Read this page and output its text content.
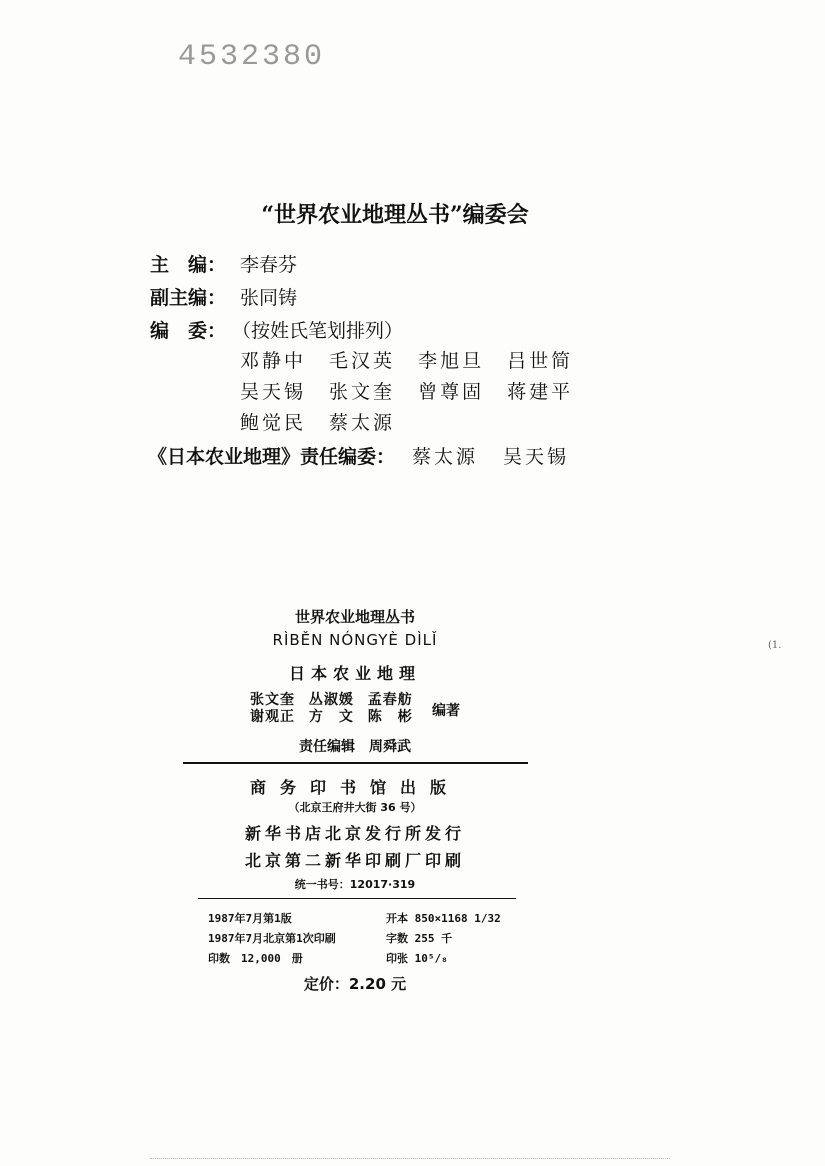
4532380
“世界农业地理丛书”编委会
主　编： 李春芬
副主编： 张同铸
编　委： （按姓氏笔划排列）
邓静中 毛汉英 李旭旦 吕世简
吴天锡 张文奎 曾尊固 蒋建平
鲍觉民 蔡太源
《日本农业地理》责任编委： 蔡太源 吴天锡
世界农业地理丛书
RÌBĚN NÓNGYÈ DÌLǏ
日本农业地理
张文奎 丛淑媛 孟春舫
谢观正 方　文 陈　彬 编著
责任编辑　周舜武
商务印书馆出版
（北京王府井大街 36 号）
新华书店北京发行所发行
北京第二新华印刷厂印刷
统一书号：12017·319
1987年7月第1版	开本 850×1168 1/32
1987年7月北京第1次印刷	字数 255 千
印数　12,000　册	印张 10⁵/₈
定价：2.20 元
(1.
